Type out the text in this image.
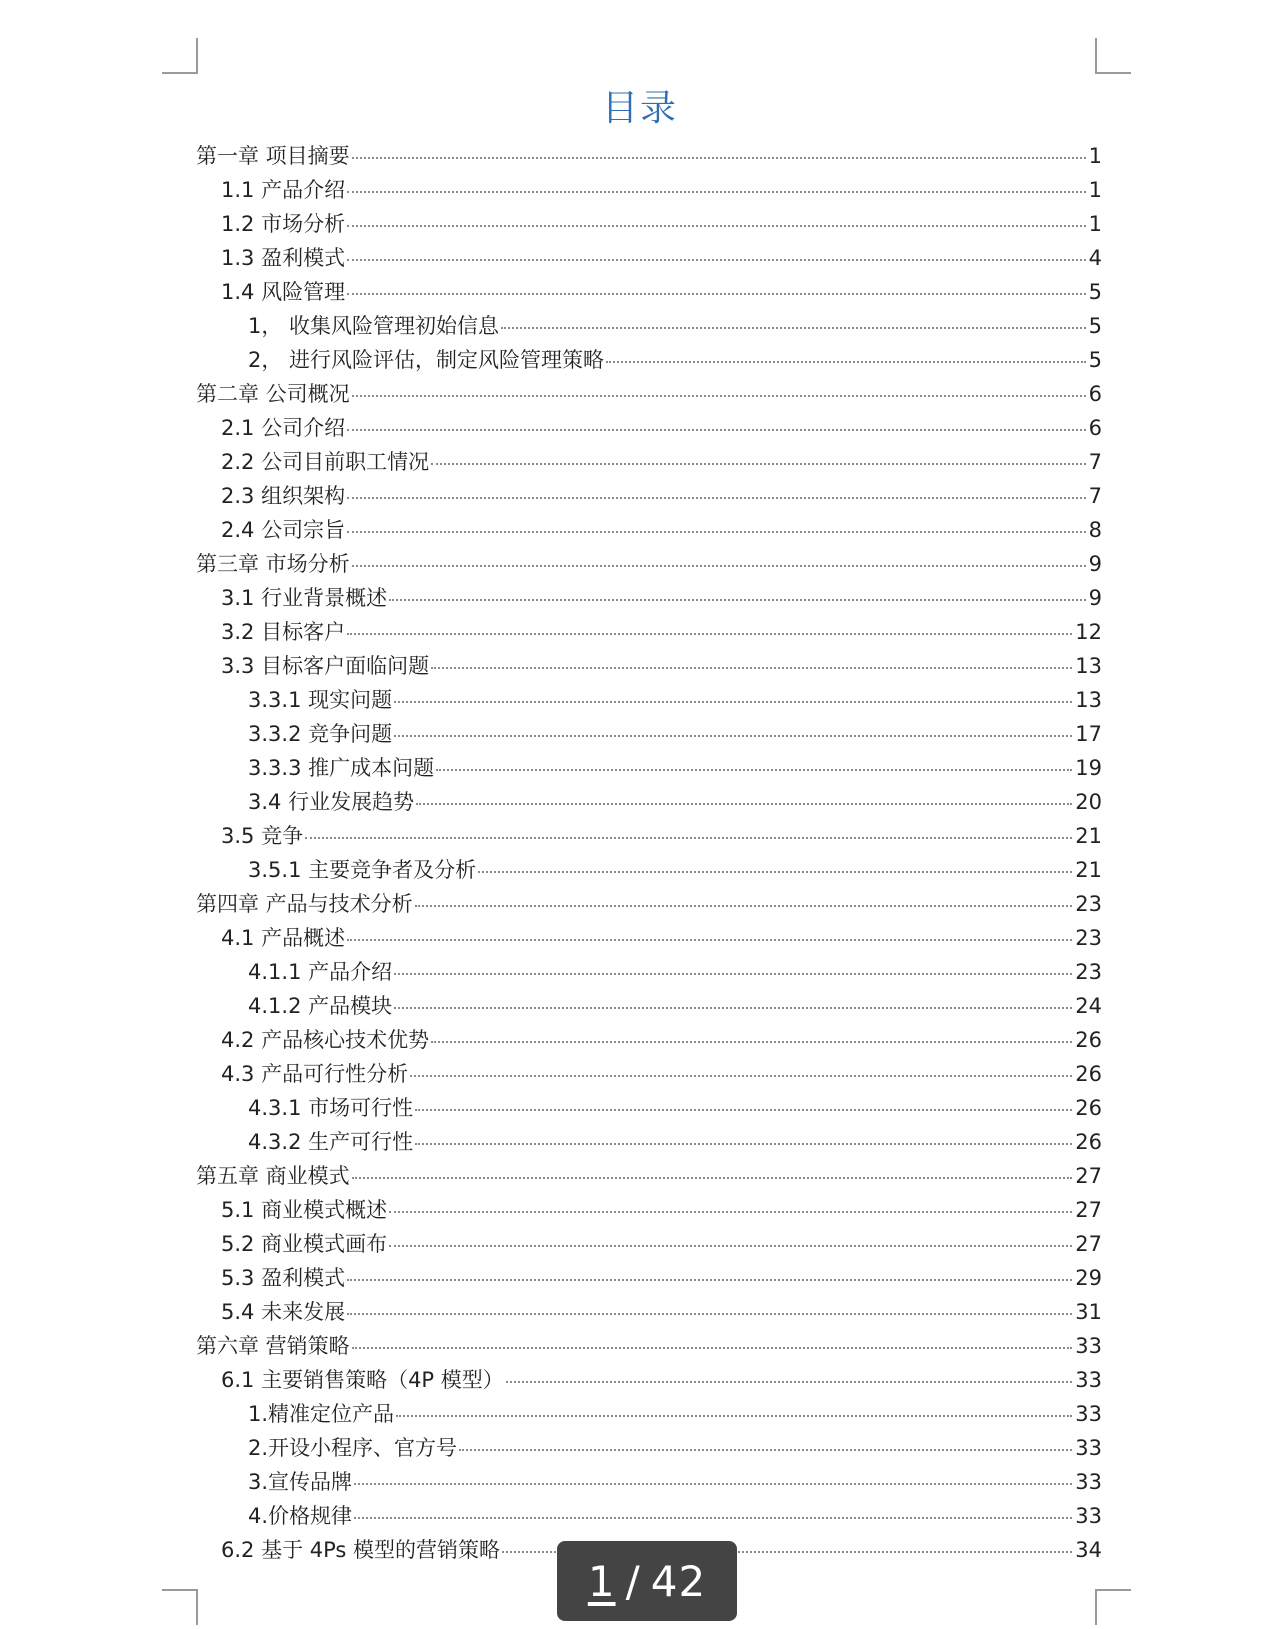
目录
第一章 项目摘要	1
1.1 产品介绍	1
1.2 市场分析	1
1.3 盈利模式	4
1.4 风险管理	5
1， 收集风险管理初始信息	5
2， 进行风险评估，制定风险管理策略	5
第二章 公司概况	6
2.1 公司介绍	6
2.2 公司目前职工情况	7
2.3 组织架构	7
2.4 公司宗旨	8
第三章 市场分析	9
3.1 行业背景概述	9
3.2 目标客户	12
3.3 目标客户面临问题	13
3.3.1 现实问题	13
3.3.2 竞争问题	17
3.3.3 推广成本问题	19
3.4 行业发展趋势	20
3.5 竞争	21
3.5.1 主要竞争者及分析	21
第四章 产品与技术分析	23
4.1 产品概述	23
4.1.1 产品介绍	23
4.1.2 产品模块	24
4.2 产品核心技术优势	26
4.3 产品可行性分析	26
4.3.1 市场可行性	26
4.3.2 生产可行性	26
第五章 商业模式	27
5.1 商业模式概述	27
5.2 商业模式画布	27
5.3 盈利模式	29
5.4 未来发展	31
第六章 营销策略	33
6.1 主要销售策略（4P 模型）	33
1.精准定位产品	33
2.开设小程序、官方号	33
3.宣传品牌	33
4.价格规律	33
6.2 基于 4Ps 模型的营销策略	34
1 / 42
